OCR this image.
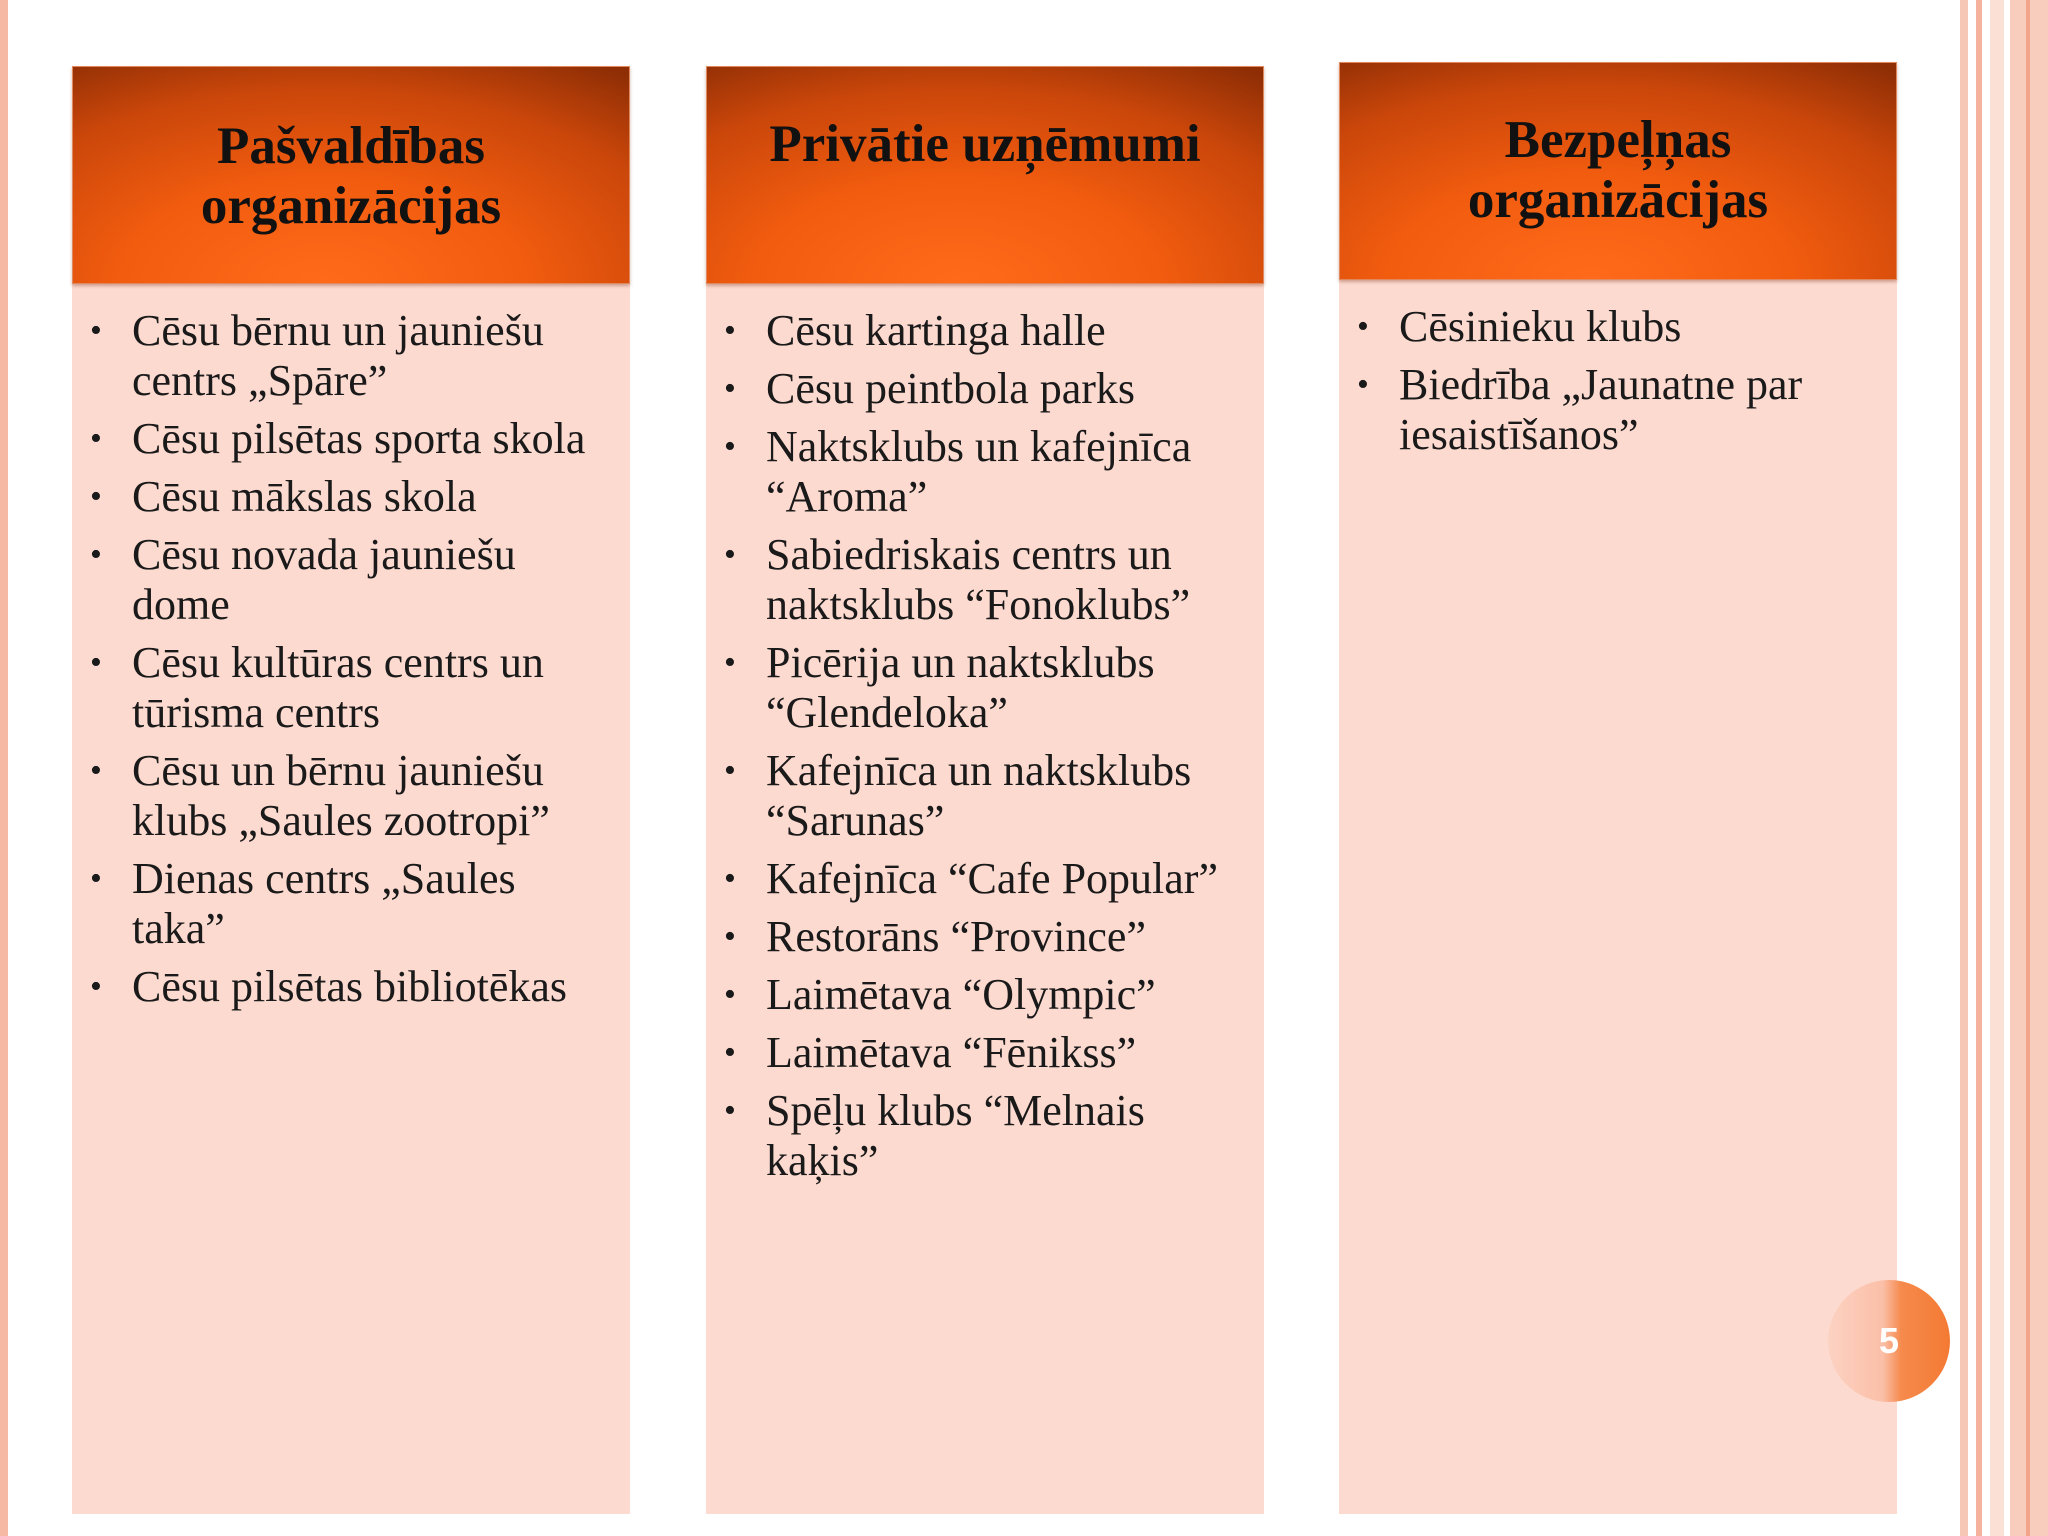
Pašvaldības organizācijas
• Cēsu bērnu un jauniešu centrs „Spāre”
• Cēsu pilsētas sporta skola
• Cēsu mākslas skola
• Cēsu novada jauniešu dome
• Cēsu kultūras centrs un tūrisma centrs
• Cēsu un bērnu jauniešu klubs „Saules zootropi”
• Dienas centrs „Saules taka”
• Cēsu pilsētas bibliotēkas
Privātie uzņēmumi
• Cēsu kartinga halle
• Cēsu peintbola parks
• Naktsklubs un kafejnīca “Aroma”
• Sabiedriskais centrs un naktsklubs “Fonoklubs”
• Picērija un naktsklubs “Glendeloka”
• Kafejnīca un naktsklubs “Sarunas”
• Kafejnīca “Cafe Popular”
• Restorāns “Province”
• Laimētava “Olympic”
• Laimētava “Fēnikss”
• Spēļu klubs “Melnais kaķis”
Bezpeļņas organizācijas
• Cēsinieku klubs
• Biedrība „Jaunatne par iesaistīšanos”
5
